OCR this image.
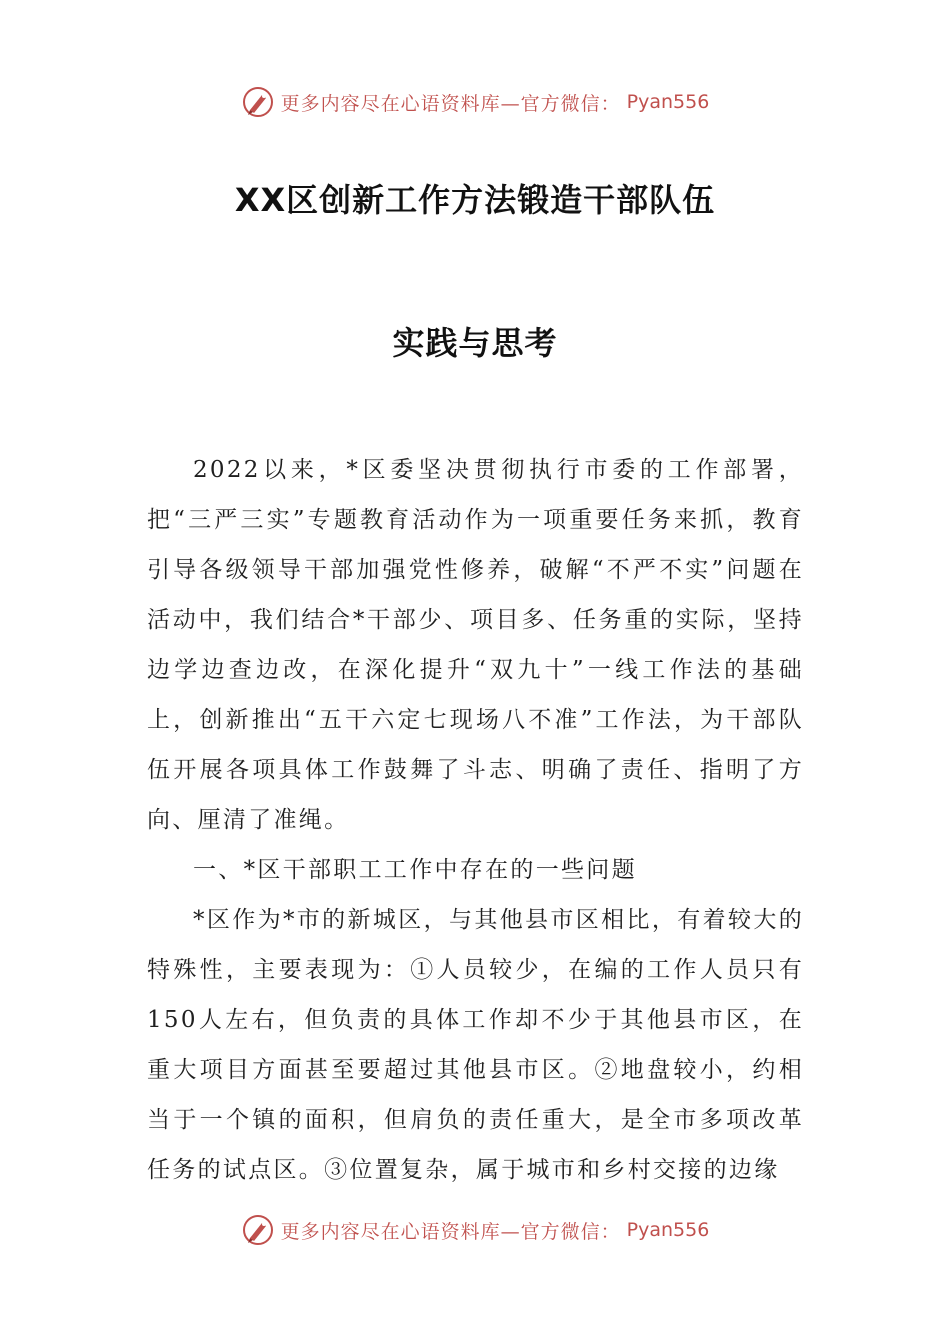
更多内容尽在心语资料库—官方微信： Pyan556
XX区创新工作方法锻造干部队伍
实践与思考

2022以来，*区委坚决贯彻执行市委的工作部署，把“三严三实”专题教育活动作为一项重要任务来抓，教育引导各级领导干部加强党性修养，破解“不严不实”问题在活动中，我们结合*干部少、项目多、任务重的实际，坚持边学边查边改，在深化提升“双九十”一线工作法的基础上，创新推出“五干六定七现场八不准”工作法，为干部队伍开展各项具体工作鼓舞了斗志、明确了责任、指明了方向、厘清了准绳。

一、*区干部职工工作中存在的一些问题

*区作为*市的新城区，与其他县市区相比，有着较大的特殊性，主要表现为：①人员较少，在编的工作人员只有150人左右，但负责的具体工作却不少于其他县市区，在重大项目方面甚至要超过其他县市区。②地盘较小，约相当于一个镇的面积，但肩负的责任重大，是全市多项改革任务的试点区。③位置复杂，属于城市和乡村交接的边缘

更多内容尽在心语资料库—官方微信： Pyan556
